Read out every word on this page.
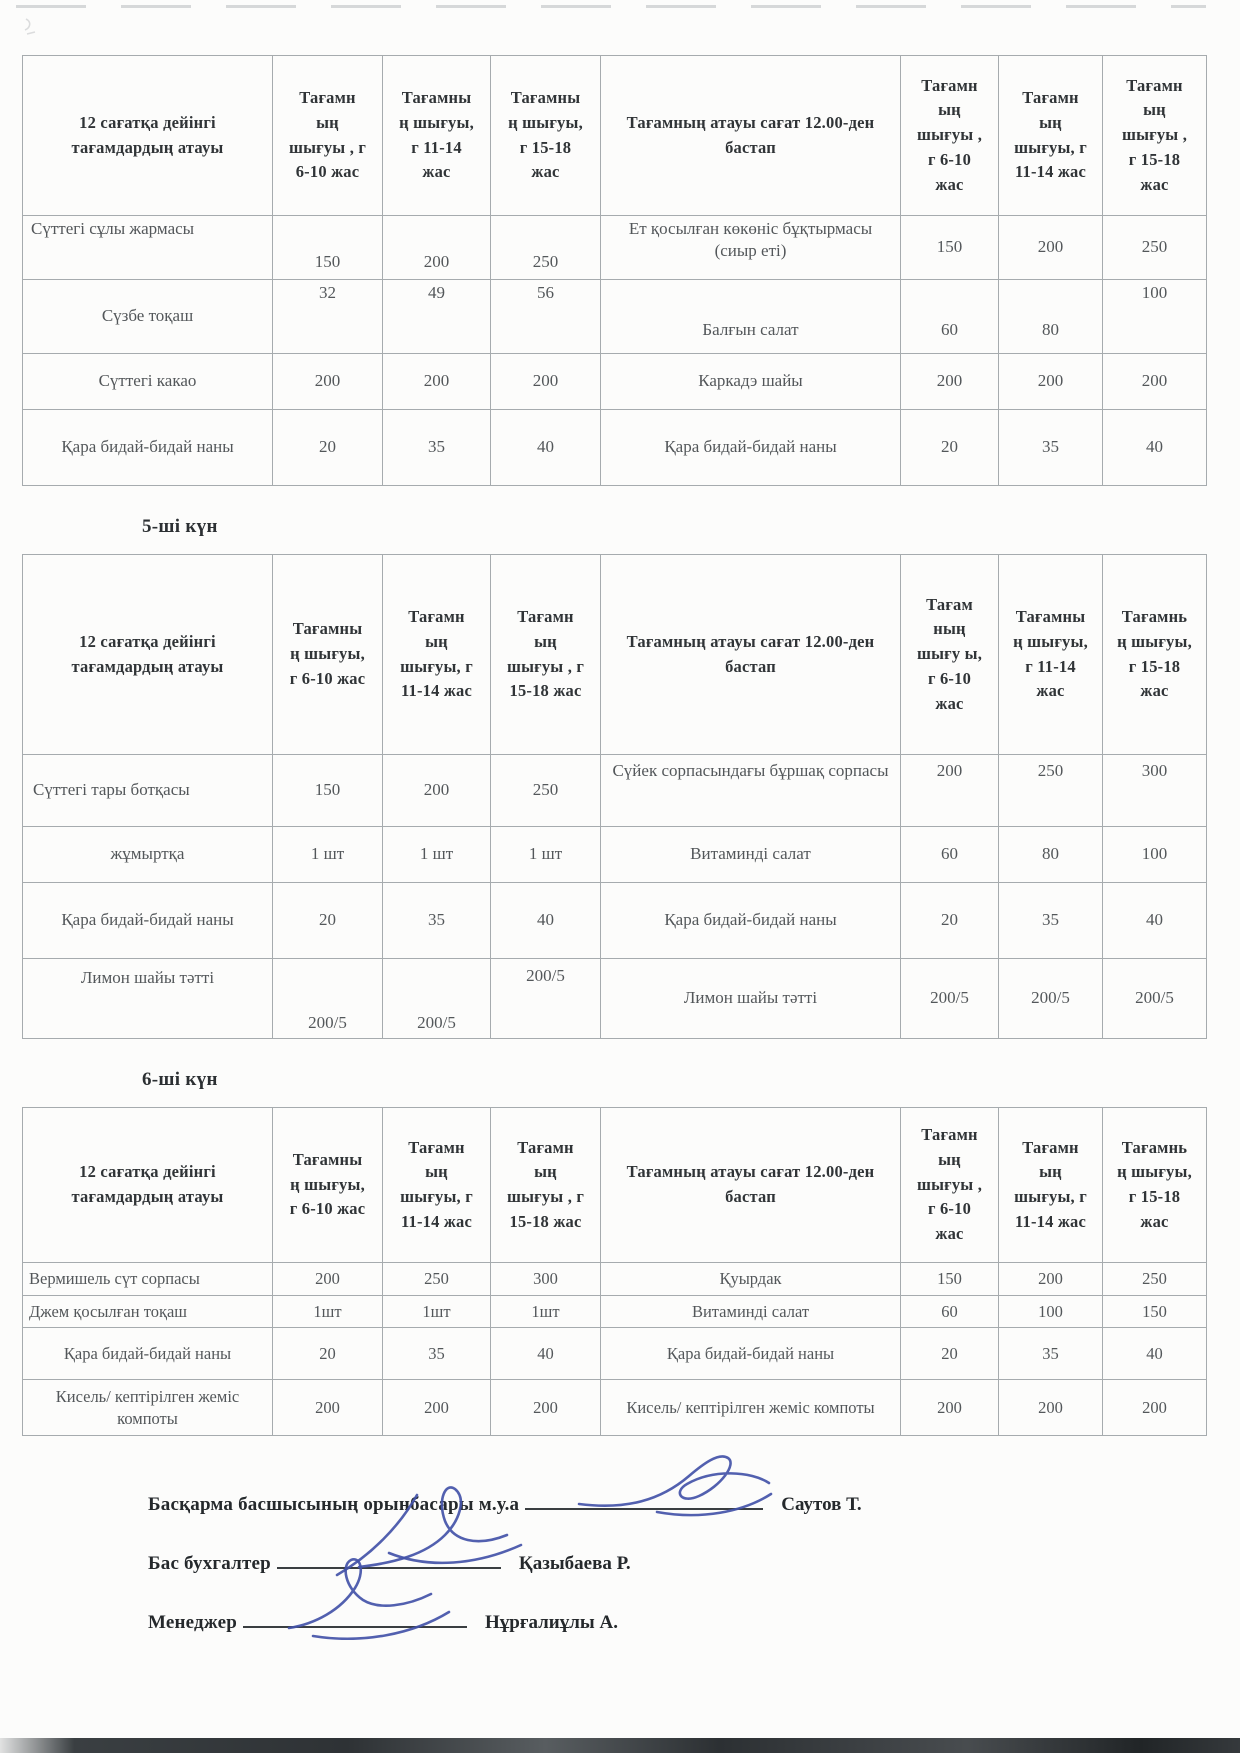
12 сағатқа дейінгі тағамдардың атауы	Тағамн ың шығуы , г 6-10 жас	Тағамны ң шығуы, г 11-14 жас	Тағамны ң шығуы, г 15-18 жас	Тағамның атауы сағат 12.00-ден бастап	Тағамн ың шығуы , г 6-10 жас	Тағамн ың шығуы, г 11-14 жас	Тағамн ың шығуы , г 15-18 жас
Сүттегі сұлы жармасы	150	200	250	Ет қосылған көкөніс бұқтырмасы (сиыр еті)	150	200	250
Сүзбе тоқаш	32	49	56	Балғын салат	60	80	100
Сүттегі какао	200	200	200	Каркадэ шайы	200	200	200
Қара бидай-бидай наны	20	35	40	Қара бидай-бидай наны	20	35	40
5-ші күн
12 сағатқа дейінгі тағамдардың атауы	Тағамны ң шығуы, г 6-10 жас	Тағамн ың шығуы, г 11-14 жас	Тағамн ың шығуы , г 15-18 жас	Тағамның атауы сағат 12.00-ден бастап	Тағам ның шығу ы, г 6-10 жас	Тағамны ң шығуы, г 11-14 жас	Тағамнь ң шығуы, г 15-18 жас
Сүттегі тары ботқасы	150	200	250	Сүйек сорпасындағы бұршақ сорпасы	200	250	300
жұмыртқа	1 шт	1 шт	1 шт	Витаминді салат	60	80	100
Қара бидай-бидай наны	20	35	40	Қара бидай-бидай наны	20	35	40
Лимон шайы тәтті	200/5	200/5	200/5	Лимон шайы тәтті	200/5	200/5	200/5
6-ші күн
12 сағатқа дейінгі тағамдардың атауы	Тағамны ң шығуы, г 6-10 жас	Тағамн ың шығуы, г 11-14 жас	Тағамн ың шығуы , г 15-18 жас	Тағамның атауы сағат 12.00-ден бастап	Тағамн ың шығуы , г 6-10 жас	Тағамн ың шығуы, г 11-14 жас	Тағамнь ң шығуы, г 15-18 жас
Вермишель сүт сорпасы	200	250	300	Қуырдак	150	200	250
Джем қосылған тоқаш	1шт	1шт	1шт	Витаминді салат	60	100	150
Қара бидай-бидай наны	20	35	40	Қара бидай-бидай наны	20	35	40
Кисель/ кептірілген жеміс компоты	200	200	200	Кисель/ кептірілген жеміс компоты	200	200	200
Басқарма басшысының орынбасары м.у.а	Саутов Т.
Бас бухгалтер	Қазыбаева Р.
Менеджер	Нұрғалиұлы А.
